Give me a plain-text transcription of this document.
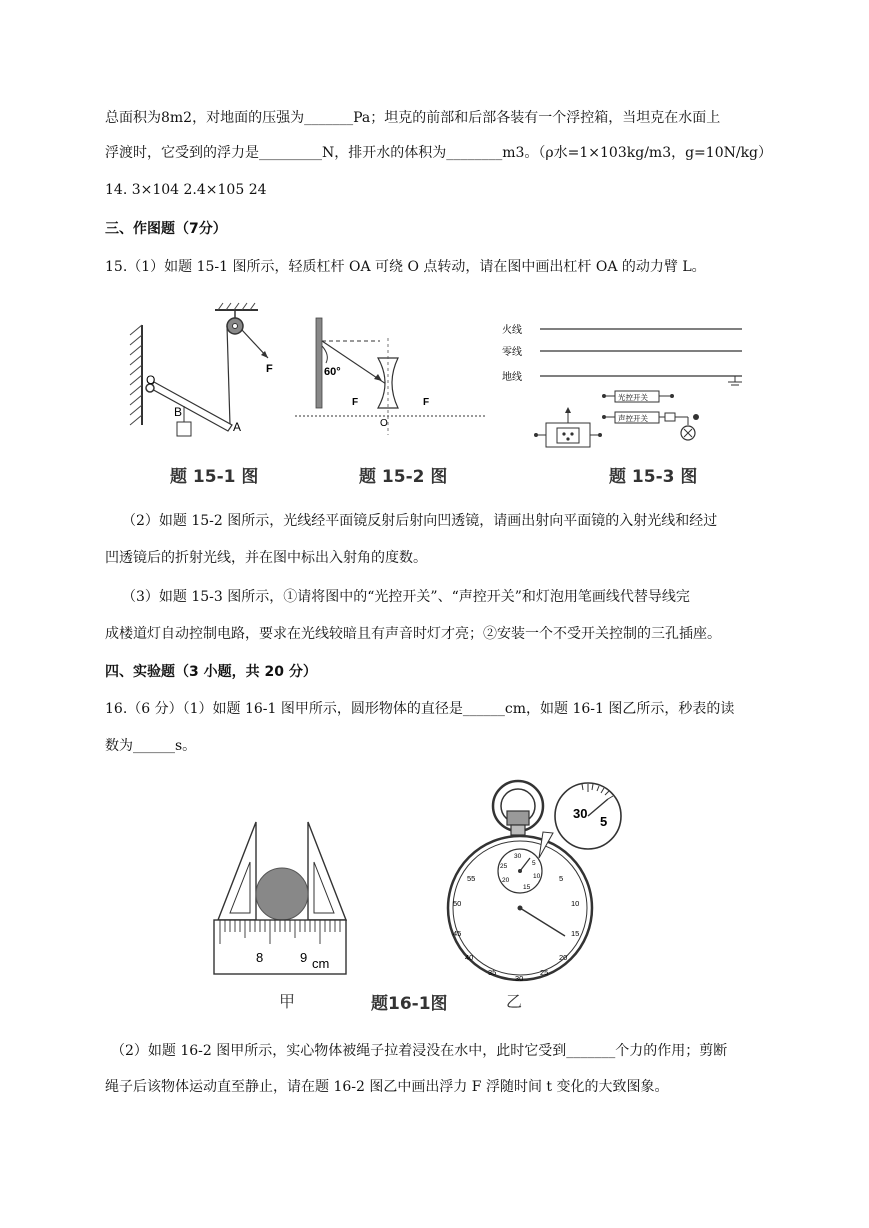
总面积为8m2，对地面的压强为_______Pa；坦克的前部和后部各装有一个浮控箱，当坦克在水面上
浮渡时，它受到的浮力是_________N，排开水的体积为________m3。（ρ水=1×103kg/m3，g=10N/kg）
14. 3×104 2.4×105 24
三、作图题（7分）
15.（1）如题 15-1 图所示，轻质杠杆 OA 可绕 O 点转动，请在图中画出杠杆 OA 的动力臂 L。
O
B
A
F	60°
F
O
F
火线
零线
地线
光控开关
声控开关
题 15-1 图	题 15-2 图	题 15-3 图
（2）如题 15-2 图所示，光线经平面镜反射后射向凹透镜，请画出射向平面镜的入射光线和经过
凹透镜后的折射光线，并在图中标出入射角的度数。
（3）如题 15-3 图所示，①请将图中的“光控开关”、“声控开关”和灯泡用笔画线代替导线完
成楼道灯自动控制电路，要求在光线较暗且有声音时灯才亮；②安装一个不受开关控制的三孔插座。
四、实验题（3 小题，共 20 分）
16.（6 分）（1）如题 16-1 图甲所示，圆形物体的直径是______cm，如题 16-1 图乙所示，秒表的读
数为______s。
8	9 cm
30
5
5
10
15
20
25
30
35
40
45
50
55
30
5
10
15
20
25
甲	题16-1图	乙
（2）如题 16-2 图甲所示，实心物体被绳子拉着浸没在水中，此时它受到_______个力的作用；剪断
绳子后该物体运动直至静止，请在题 16-2 图乙中画出浮力 F 浮随时间 t 变化的大致图象。
